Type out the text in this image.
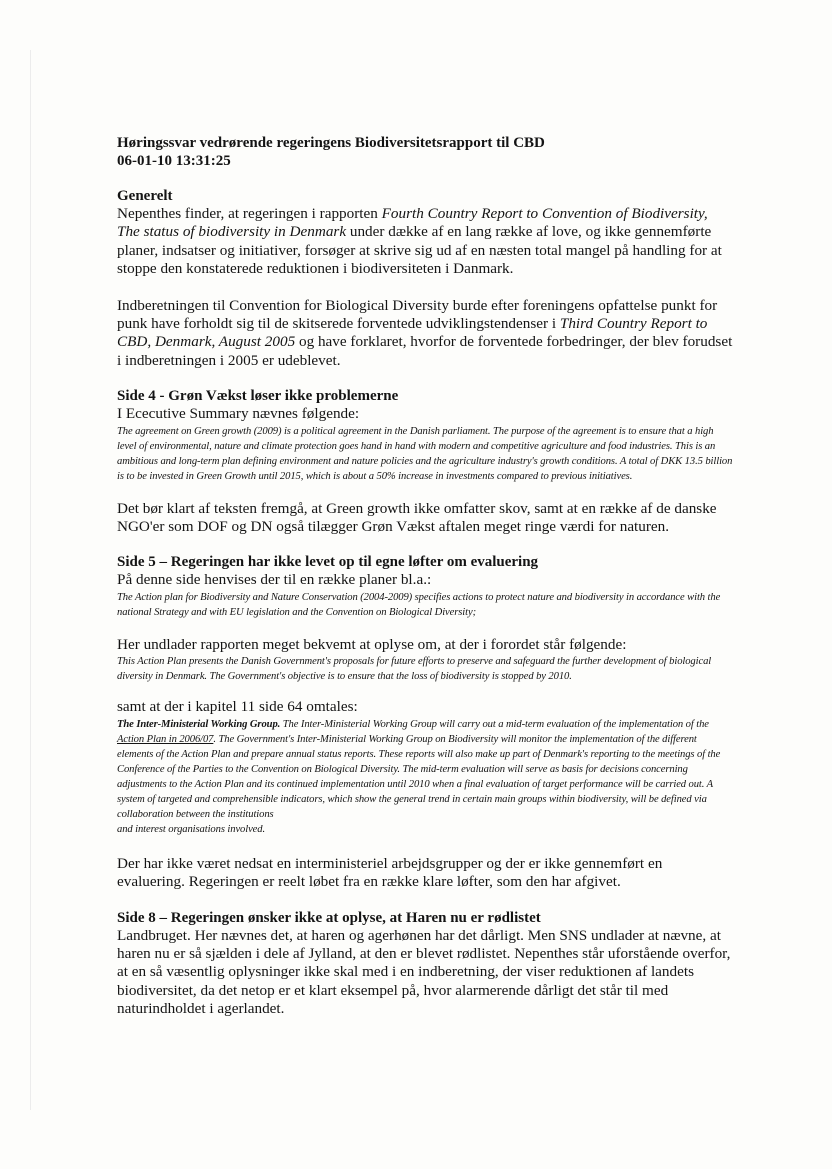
Høringssvar vedrørende regeringens Biodiversitetsrapport til CBD

06-01-10 13:31:25

Generelt

Nepenthes finder, at regeringen i rapporten Fourth Country Report to Convention of Biodiversity, The status of biodiversity in Denmark under dække af en lang række af love, og ikke gennemførte planer, indsatser og initiativer, forsøger at skrive sig ud af en næsten total mangel på handling for at stoppe den konstaterede reduktionen i biodiversiteten i Danmark.

Indberetningen til Convention for Biological Diversity burde efter foreningens opfattelse punkt for punk have forholdt sig til de skitserede forventede udviklingstendenser i Third Country Report to CBD, Denmark, August 2005 og have forklaret, hvorfor de forventede forbedringer, der blev forudset i indberetningen i 2005 er udeblevet.

Side 4 - Grøn Vækst løser ikke problemerne

I Ececutive Summary nævnes følgende:

The agreement on Green growth (2009) is a political agreement in the Danish parliament. The purpose of the agreement is to ensure that a high level of environmental, nature and climate protection goes hand in hand with modern and competitive agriculture and food industries. This is an ambitious and long-term plan defining environment and nature policies and the agriculture industry's growth conditions. A total of DKK 13.5 billion is to be invested in Green Growth until 2015, which is about a 50% increase in investments compared to previous initiatives.

Det bør klart af teksten fremgå, at Green growth ikke omfatter skov, samt at en række af de danske NGO'er som DOF og DN også tilægger Grøn Vækst aftalen meget ringe værdi for naturen.

Side 5 – Regeringen har ikke levet op til egne løfter om evaluering

På denne side henvises der til en række planer bl.a.:

The Action plan for Biodiversity and Nature Conservation (2004-2009) specifies actions to protect nature and biodiversity in accordance with the national Strategy and with EU legislation and the Convention on Biological Diversity;

Her undlader rapporten meget bekvemt at oplyse om, at der i forordet står følgende:

This Action Plan presents the Danish Government's proposals for future efforts to preserve and safeguard the further development of biological diversity in Denmark. The Government's objective is to ensure that the loss of biodiversity is stopped by 2010.

samt at der i kapitel 11 side 64 omtales:

The Inter-Ministerial Working Group. The Inter-Ministerial Working Group will carry out a mid-term evaluation of the implementation of the Action Plan in 2006/07. The Government's Inter-Ministerial Working Group on Biodiversity will monitor the implementation of the different elements of the Action Plan and prepare annual status reports. These reports will also make up part of Denmark's reporting to the meetings of the Conference of the Parties to the Convention on Biological Diversity. The mid-term evaluation will serve as basis for decisions concerning adjustments to the Action Plan and its continued implementation until 2010 when a final evaluation of target performance will be carried out. A system of targeted and comprehensible indicators, which show the general trend in certain main groups within biodiversity, will be defined via collaboration between the institutions
and interest organisations involved.

Der har ikke været nedsat en interministeriel arbejdsgrupper og der er ikke gennemført en evaluering. Regeringen er reelt løbet fra en række klare løfter, som den har afgivet.

Side 8 – Regeringen ønsker ikke at oplyse, at Haren nu er rødlistet

Landbruget. Her nævnes det, at haren og agerhønen har det dårligt. Men SNS undlader at nævne, at haren nu er så sjælden i dele af Jylland, at den er blevet rødlistet. Nepenthes står uforstående overfor, at en så væsentlig oplysninger ikke skal med i en indberetning, der viser reduktionen af landets biodiversitet, da det netop er et klart eksempel på, hvor alarmerende dårligt det står til med naturindholdet i agerlandet.
